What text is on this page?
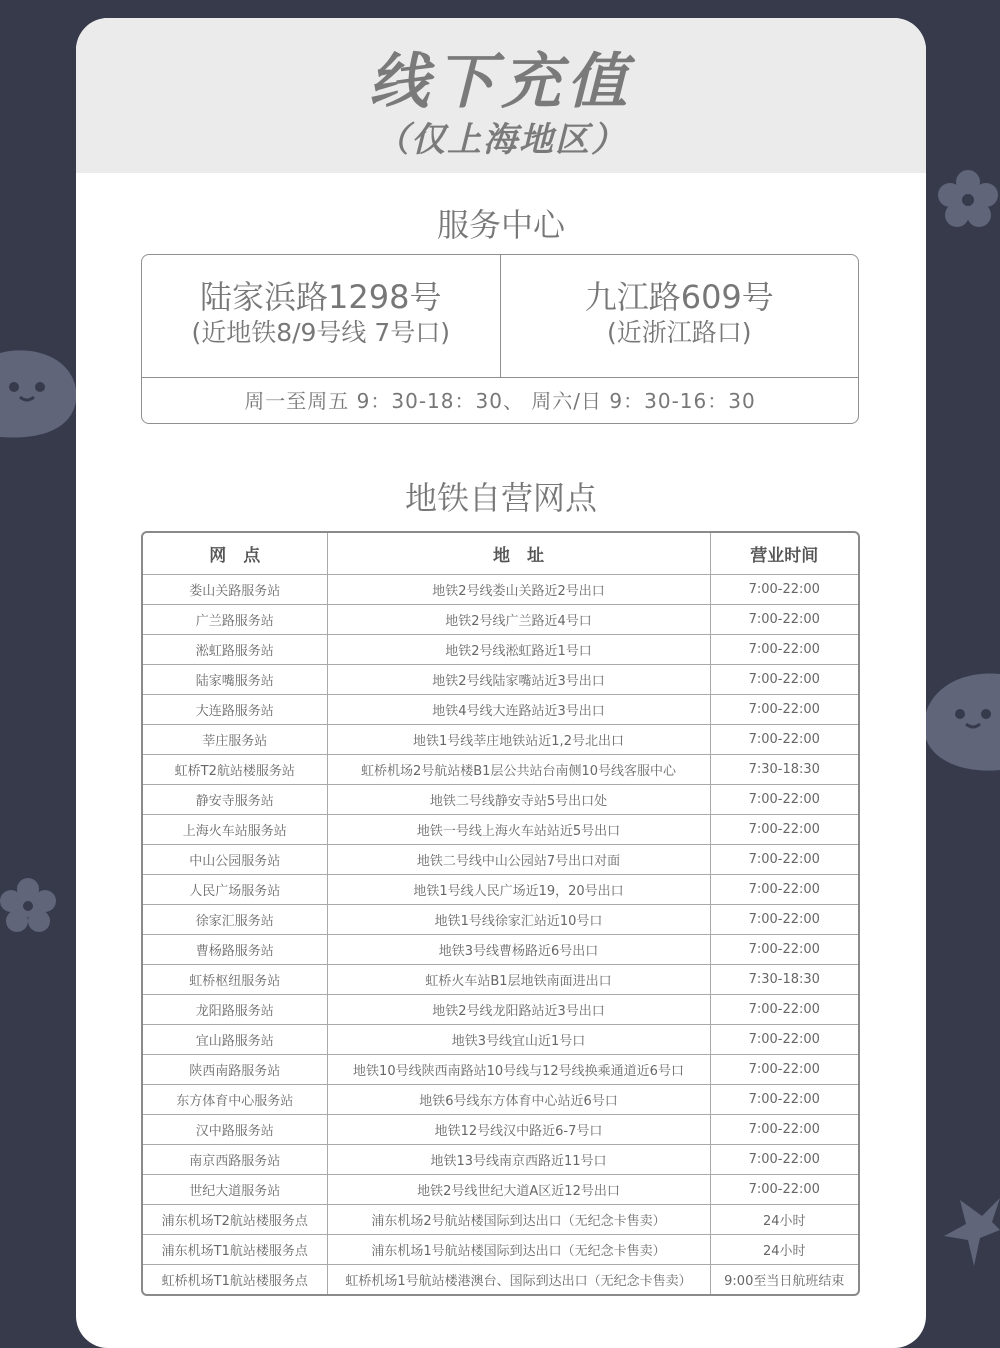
线下充值
（仅上海地区）
服务中心
陆家浜路1298号
(近地铁8/9号线 7号口)
九江路609号
(近浙江路口)
周一至周五 9：30-18：30、 周六/日 9：30-16：30
地铁自营网点
网　点	地　址	营业时间
娄山关路服务站	地铁2号线娄山关路近2号出口	7:00-22:00
广兰路服务站	地铁2号线广兰路近4号口	7:00-22:00
淞虹路服务站	地铁2号线淞虹路近1号口	7:00-22:00
陆家嘴服务站	地铁2号线陆家嘴站近3号出口	7:00-22:00
大连路服务站	地铁4号线大连路站近3号出口	7:00-22:00
莘庄服务站	地铁1号线莘庄地铁站近1,2号北出口	7:00-22:00
虹桥T2航站楼服务站	虹桥机场2号航站楼B1层公共站台南侧10号线客服中心	7:30-18:30
静安寺服务站	地铁二号线静安寺站5号出口处	7:00-22:00
上海火车站服务站	地铁一号线上海火车站站近5号出口	7:00-22:00
中山公园服务站	地铁二号线中山公园站7号出口对面	7:00-22:00
人民广场服务站	地铁1号线人民广场近19，20号出口	7:00-22:00
徐家汇服务站	地铁1号线徐家汇站近10号口	7:00-22:00
曹杨路服务站	地铁3号线曹杨路近6号出口	7:00-22:00
虹桥枢纽服务站	虹桥火车站B1层地铁南面进出口	7:30-18:30
龙阳路服务站	地铁2号线龙阳路站近3号出口	7:00-22:00
宜山路服务站	地铁3号线宜山近1号口	7:00-22:00
陕西南路服务站	地铁10号线陕西南路站10号线与12号线换乘通道近6号口	7:00-22:00
东方体育中心服务站	地铁6号线东方体育中心站近6号口	7:00-22:00
汉中路服务站	地铁12号线汉中路近6-7号口	7:00-22:00
南京西路服务站	地铁13号线南京西路近11号口	7:00-22:00
世纪大道服务站	地铁2号线世纪大道A区近12号出口	7:00-22:00
浦东机场T2航站楼服务点	浦东机场2号航站楼国际到达出口（无纪念卡售卖）	24小时
浦东机场T1航站楼服务点	浦东机场1号航站楼国际到达出口（无纪念卡售卖）	24小时
虹桥机场T1航站楼服务点	虹桥机场1号航站楼港澳台、国际到达出口（无纪念卡售卖）	9:00至当日航班结束
